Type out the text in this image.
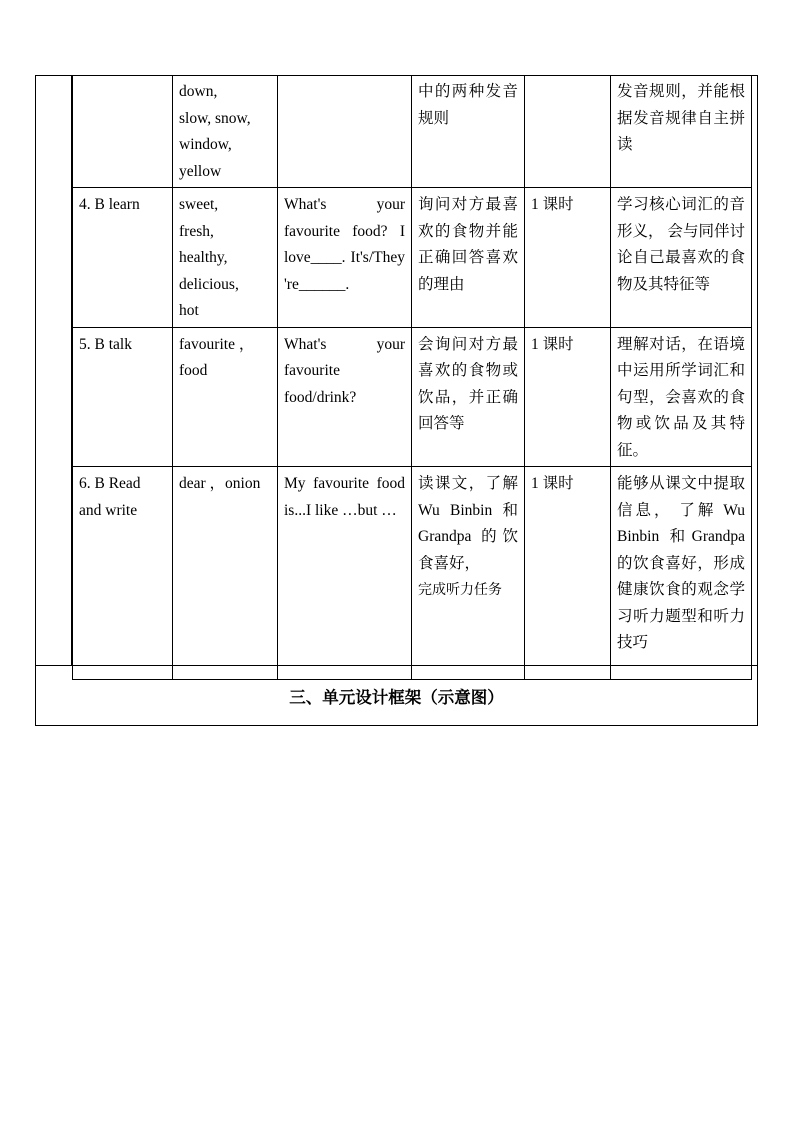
	down,
slow, snow,
window,
yellow		中的两种发音规则		发音规则，并能根据发音规律自主拼读
4. B learn	sweet,
fresh,
healthy,
delicious,
hot	What's your favourite food? I love____. It's/They 're______.	询问对方最喜欢的食物并能正确回答喜欢的理由	1 课时	学习核心词汇的音形义， 会与同伴讨论自己最喜欢的食物及其特征等
5. B talk	favourite ，food	What's your favourite food/drink?	会询问对方最喜欢的食物或饮品，并正确回答等	1 课时	理解对话，在语境中运用所学词汇和句型，会喜欢的食物或饮品及其特征。
6. B Read and write	dear ，onion	My favourite food is...I like …but …	读课文，了解 Wu Binbin 和 Grandpa 的饮食喜好，
完成听力任务	1 课时	能够从课文中提取信息， 了解 Wu Binbin 和Grandpa的饮食喜好，形成健康饮食的观念学习听力题型和听力技巧
三、单元设计框架（示意图）
